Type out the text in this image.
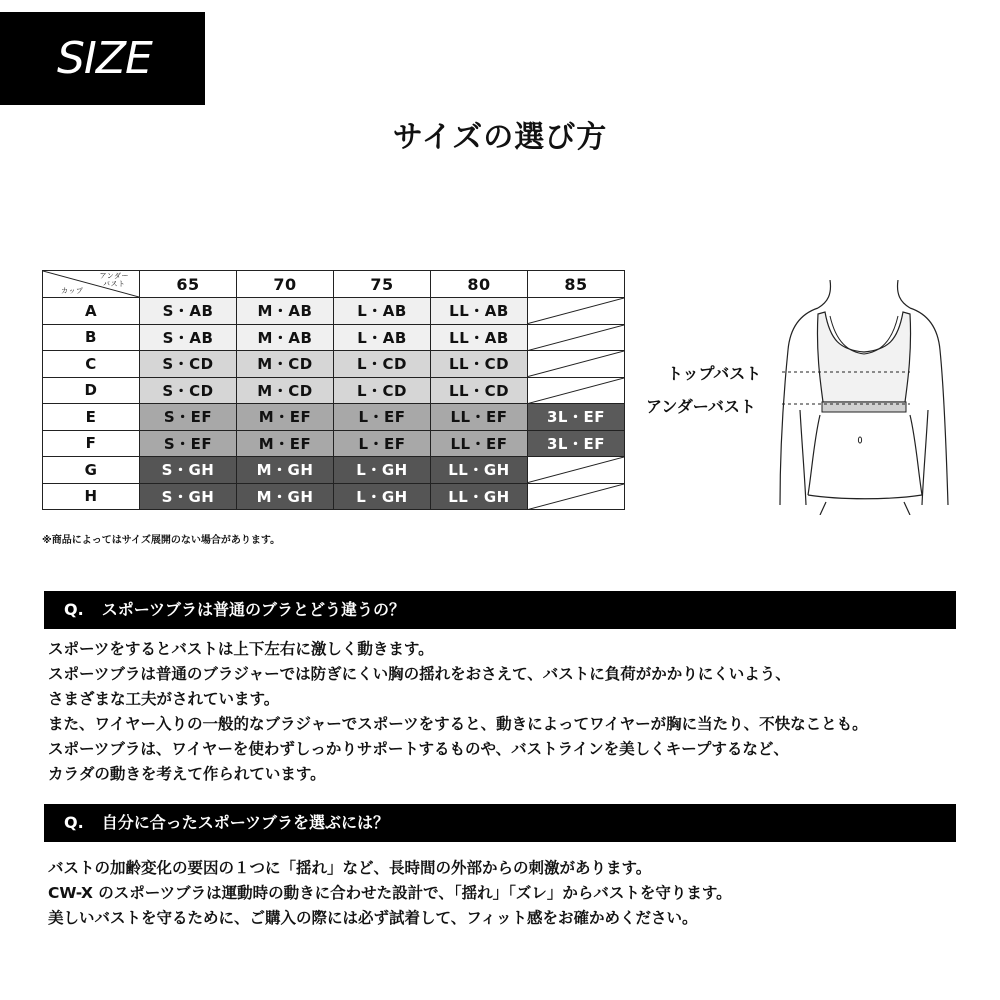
SIZE
サイズの選び方
アンダー
バスト
カップ	65	70	75	80	85
A	S・AB	M・AB	L・AB	LL・AB	

B	S・AB	M・AB	L・AB	LL・AB	

C	S・CD	M・CD	L・CD	LL・CD	

D	S・CD	M・CD	L・CD	LL・CD	

E	S・EF	M・EF	L・EF	LL・EF	3L・EF
F	S・EF	M・EF	L・EF	LL・EF	3L・EF
G	S・GH	M・GH	L・GH	LL・GH	

H	S・GH	M・GH	L・GH	LL・GH	
※商品によってはサイズ展開のない場合があります。
トップバスト
アンダーバスト
Q. スポーツブラは普通のブラとどう違うの？

スポーツをするとバストは上下左右に激しく動きます。

スポーツブラは普通のブラジャーでは防ぎにくい胸の揺れをおさえて、バストに負荷がかかりにくいよう、

さまざまな工夫がされています。

また、ワイヤー入りの一般的なブラジャーでスポーツをすると、動きによってワイヤーが胸に当たり、不快なことも。

スポーツブラは、ワイヤーを使わずしっかりサポートするものや、バストラインを美しくキープするなど、

カラダの動きを考えて作られています。

Q. 自分に合ったスポーツブラを選ぶには？

バストの加齢変化の要因の１つに「揺れ」など、長時間の外部からの刺激があります。

CW-X のスポーツブラは運動時の動きに合わせた設計で、「揺れ」「ズレ」からバストを守ります。

美しいバストを守るために、ご購入の際には必ず試着して、フィット感をお確かめください。
